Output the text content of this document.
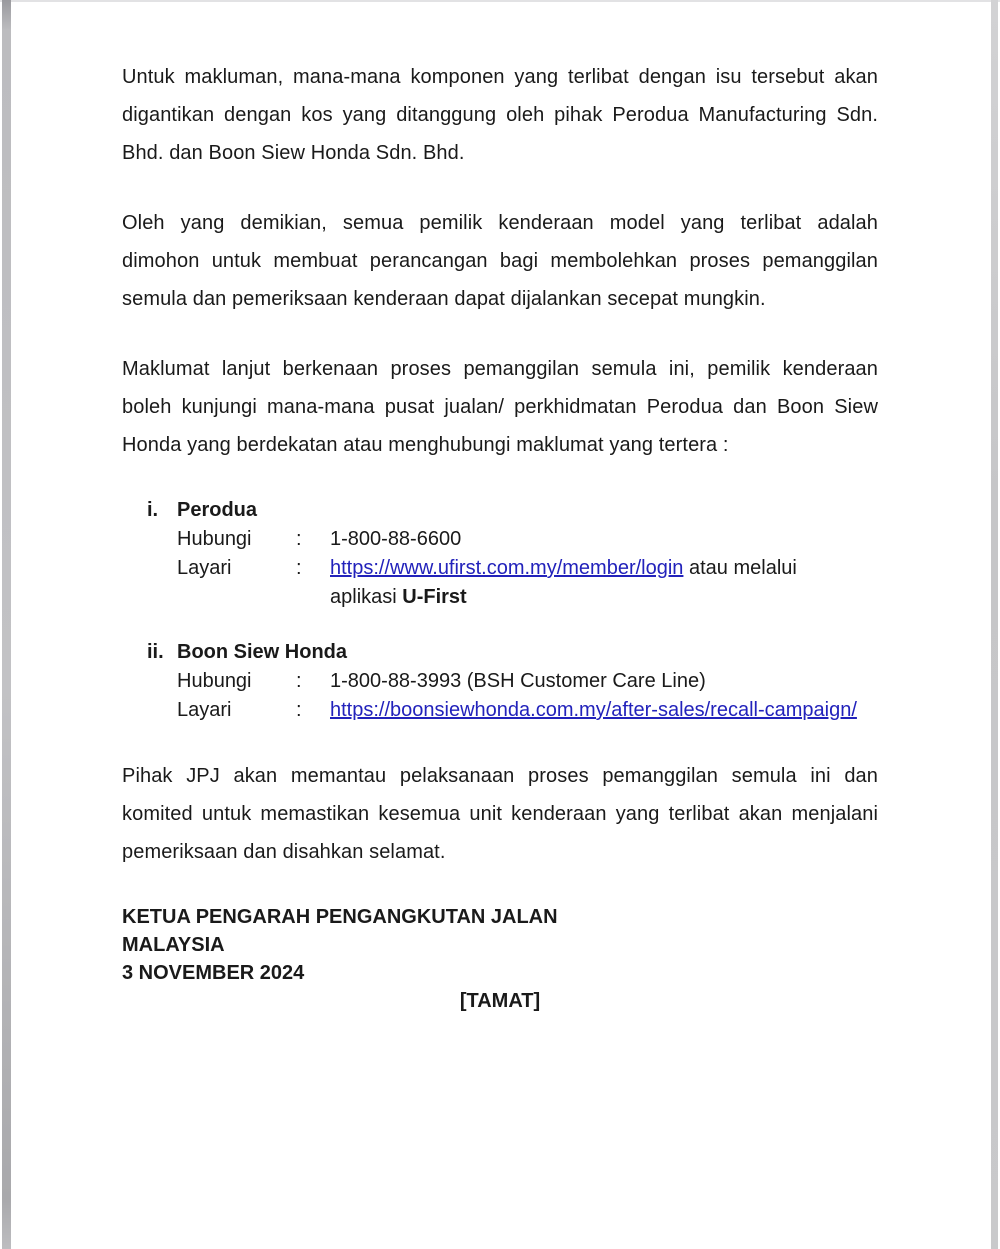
Untuk makluman, mana-mana komponen yang terlibat dengan isu tersebut akan
digantikan dengan kos yang ditanggung oleh pihak Perodua Manufacturing Sdn.
Bhd. dan Boon Siew Honda Sdn. Bhd.
Oleh yang demikian, semua pemilik kenderaan model yang terlibat adalah
dimohon untuk membuat perancangan bagi membolehkan proses pemanggilan
semula dan pemeriksaan kenderaan dapat dijalankan secepat mungkin.
Maklumat lanjut berkenaan proses pemanggilan semula ini, pemilik kenderaan
boleh kunjungi mana-mana pusat jualan/ perkhidmatan Perodua dan Boon Siew
Honda yang berdekatan atau menghubungi maklumat yang tertera :
i. Perodua
Hubungi	:	1-800-88-6600
Layari	:	https://www.ufirst.com.my/member/login atau melalui
aplikasi U-First
ii. Boon Siew Honda
Hubungi	:	1-800-88-3993 (BSH Customer Care Line)
Layari	:	https://boonsiewhonda.com.my/after-sales/recall-campaign/
Pihak JPJ akan memantau pelaksanaan proses pemanggilan semula ini dan
komited untuk memastikan kesemua unit kenderaan yang terlibat akan menjalani
pemeriksaan dan disahkan selamat.
KETUA PENGARAH PENGANGKUTAN JALAN
MALAYSIA
3 NOVEMBER 2024
[TAMAT]
